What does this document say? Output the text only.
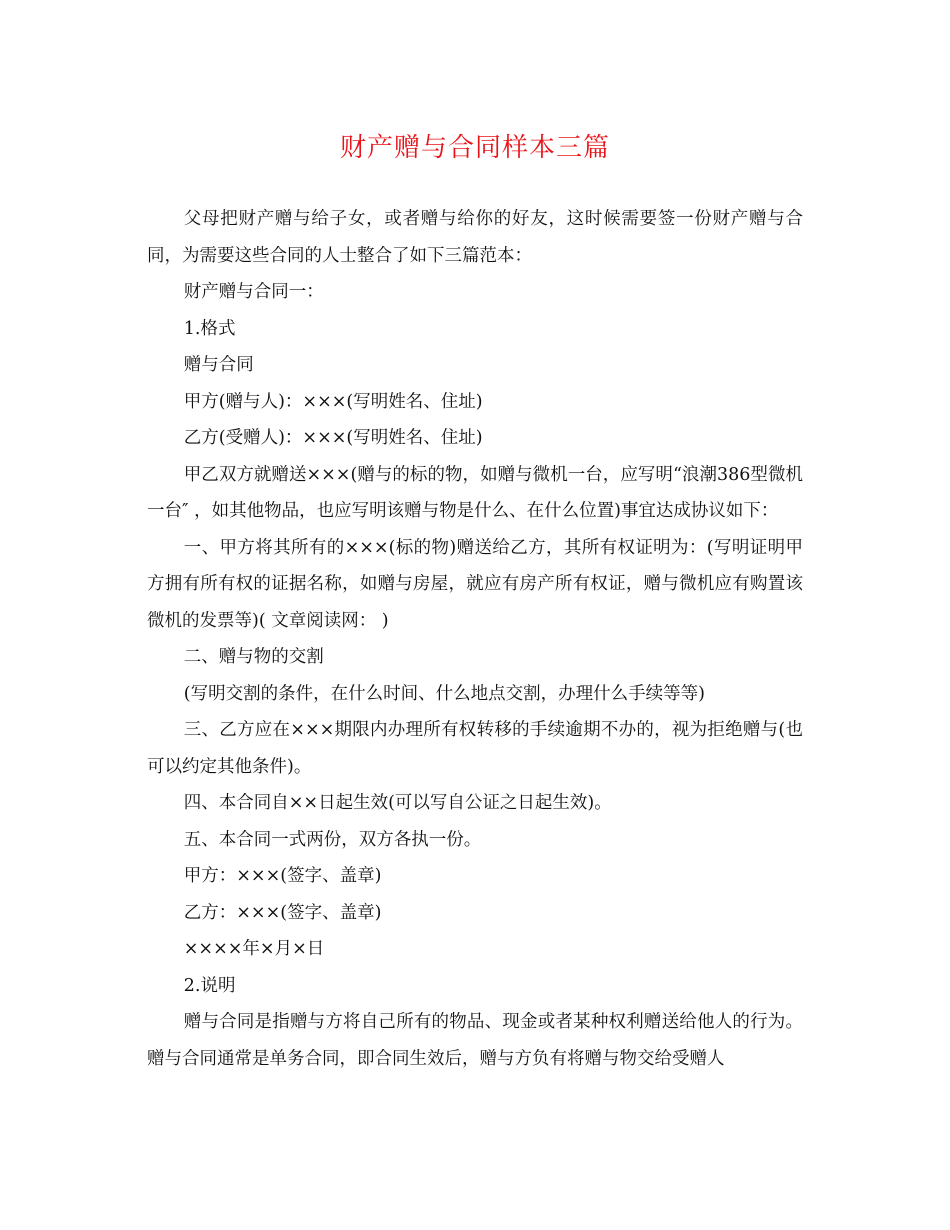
财产赠与合同样本三篇

父母把财产赠与给子女，或者赠与给你的好友，这时候需要签一份财产赠与合同，为需要这些合同的人士整合了如下三篇范本：

财产赠与合同一：

1.格式

赠与合同

甲方(赠与人)：×××(写明姓名、住址)

乙方(受赠人)：×××(写明姓名、住址)

甲乙双方就赠送×××(赠与的标的物，如赠与微机一台，应写明“浪潮386型微机一台″ ，如其他物品，也应写明该赠与物是什么、在什么位置)事宜达成协议如下：

一、甲方将其所有的×××(标的物)赠送给乙方，其所有权证明为：(写明证明甲方拥有所有权的证据名称，如赠与房屋，就应有房产所有权证，赠与微机应有购置该微机的发票等)( 文章阅读网： )

二、赠与物的交割

(写明交割的条件，在什么时间、什么地点交割，办理什么手续等等)

三、乙方应在×××期限内办理所有权转移的手续逾期不办的，视为拒绝赠与(也可以约定其他条件)。

四、本合同自××日起生效(可以写自公证之日起生效)。

五、本合同一式两份，双方各执一份。

甲方：×××(签字、盖章)

乙方：×××(签字、盖章)

××××年×月×日

2.说明

赠与合同是指赠与方将自己所有的物品、现金或者某种权利赠送给他人的行为。赠与合同通常是单务合同，即合同生效后，赠与方负有将赠与物交给受赠人
